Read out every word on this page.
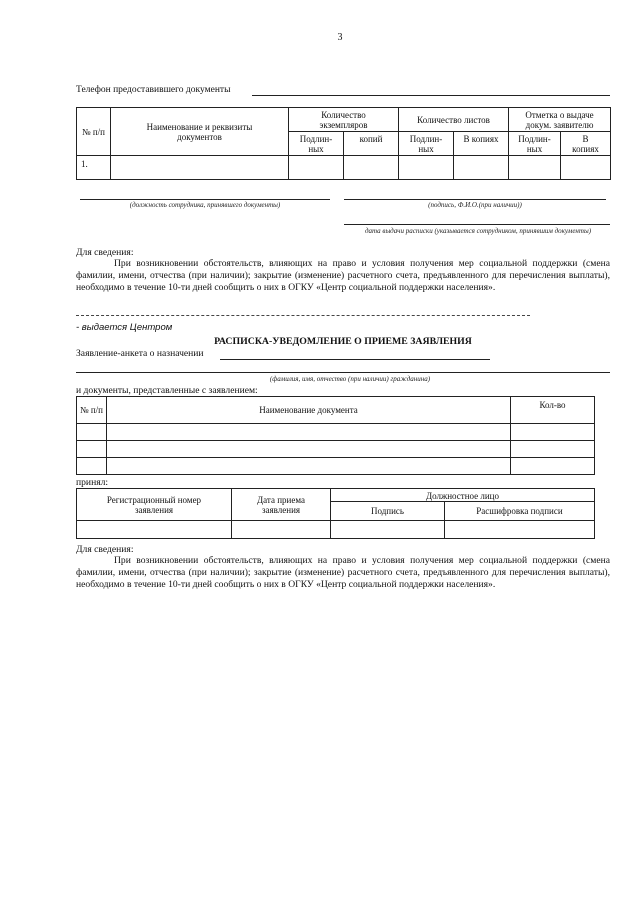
3
Телефон предоставившего документы
№ п/п	Наименование и реквизиты документов	Количество экземпляров		Количество листов		Отметка о выдаче докум. заявителю	
		Подлин-ных	копий	Подлин-ных	В копиях	Подлин-ных	В копиях
1.							
(должность сотрудника, принявшего документы)	(подпись, Ф.И.О.(при наличии))
дата выдачи расписки (указывается сотрудником, принявшим документы)
Для сведения:

При возникновении обстоятельств, влияющих на право и условия получения мер социальной поддержки (смена фамилии, имени, отчества (при наличии); закрытие (изменение) расчетного счета, предъявленного для перечисления выплаты), необходимо в течение 10-ти дней сообщить о них в ОГКУ «Центр социальной поддержки населения».

- выдается Центром
РАСПИСКА-УВЕДОМЛЕНИЕ О ПРИЕМЕ ЗАЯВЛЕНИЯ
Заявление-анкета о назначении
(фамилия, имя, отчество (при наличии) гражданина)
и документы, представленные с заявлением:
№ п/п	Наименование документа	Кол-во

принял:
Регистрационный номер заявления	Дата приема заявления	Должностное лицо	
		Подпись	Расшифровка подписи

Для сведения:

При возникновении обстоятельств, влияющих на право и условия получения мер социальной поддержки (смена фамилии, имени, отчества (при наличии); закрытие (изменение) расчетного счета, предъявленного для перечисления выплаты), необходимо в течение 10-ти дней сообщить о них в ОГКУ «Центр социальной поддержки населения».
